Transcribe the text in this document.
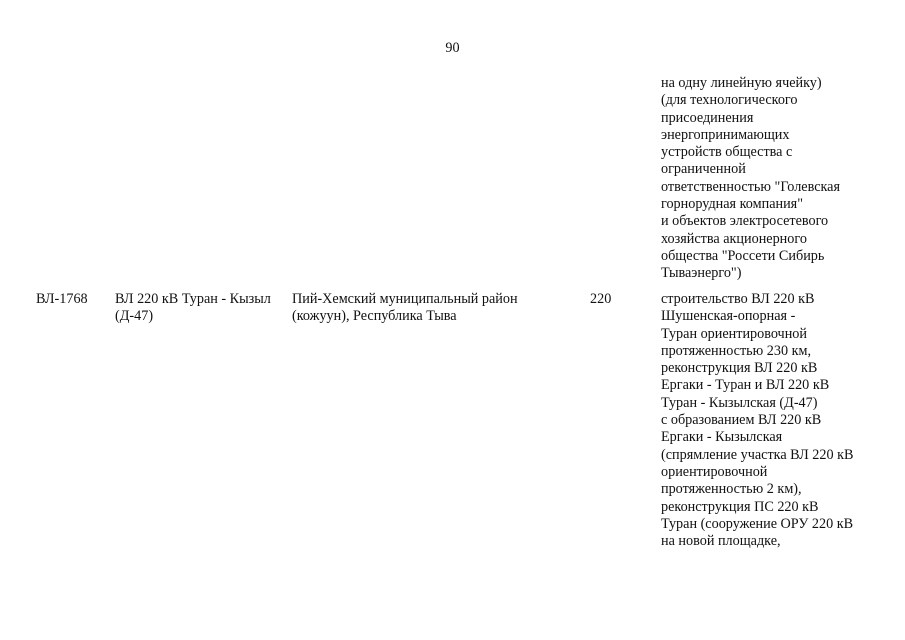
90
на одну линейную ячейку)
(для технологического
присоединения
энергопринимающих
устройств общества с
ограниченной
ответственностью "Голевская
горнорудная компания"
и объектов электросетевого
хозяйства акционерного
общества "Россети Сибирь
Тываэнерго")
ВЛ-1768	ВЛ 220 кВ Туран - Кызыл
(Д-47)
Пий-Хемский муниципальный район
(кожуун), Республика Тыва
220	строительство ВЛ 220 кВ
Шушенская-опорная -
Туран ориентировочной
протяженностью 230 км,
реконструкция ВЛ 220 кВ
Ергаки - Туран и ВЛ 220 кВ
Туран - Кызылская (Д-47)
с образованием ВЛ 220 кВ
Ергаки - Кызылская
(спрямление участка ВЛ 220 кВ
ориентировочной
протяженностью 2 км),
реконструкция ПС 220 кВ
Туран (сооружение ОРУ 220 кВ
на новой площадке,
